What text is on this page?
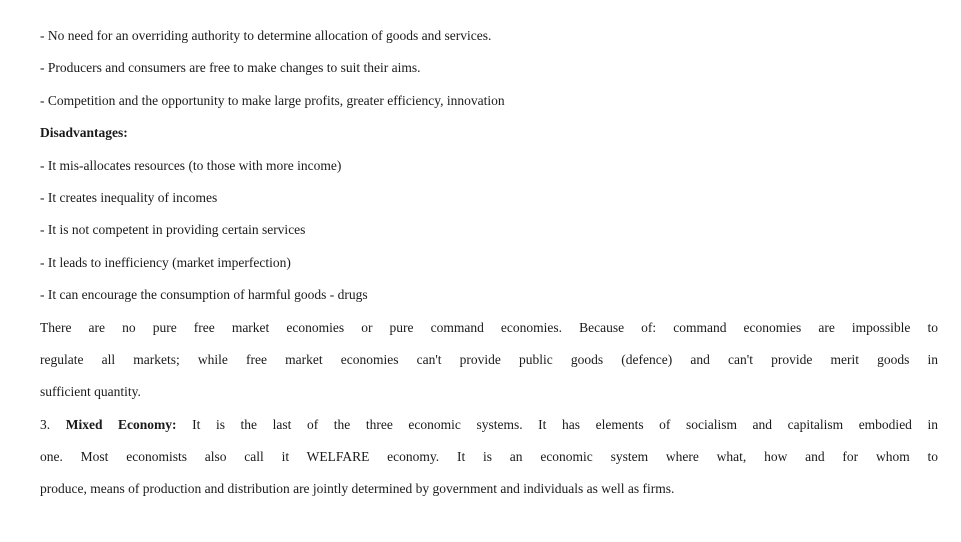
- No need for an overriding authority to determine allocation of goods and services.
- Producers and consumers are free to make changes to suit their aims.
- Competition and the opportunity to make large profits, greater efficiency, innovation
Disadvantages:
- It mis-allocates resources (to those with more income)
- It creates inequality of incomes
- It is not competent in providing certain services
- It leads to inefficiency (market imperfection)
- It can encourage the consumption of harmful goods - drugs
There are no pure free market economies or pure command economies. Because of: command economies are impossible to
regulate all markets; while free market economies can't provide public goods (defence) and can't provide merit goods in
sufficient quantity.
3. Mixed Economy: It is the last of the three economic systems. It has elements of socialism and capitalism embodied in
one. Most economists also call it WELFARE economy. It is an economic system where what, how and for whom to
produce, means of production and distribution are jointly determined by government and individuals as well as firms.
